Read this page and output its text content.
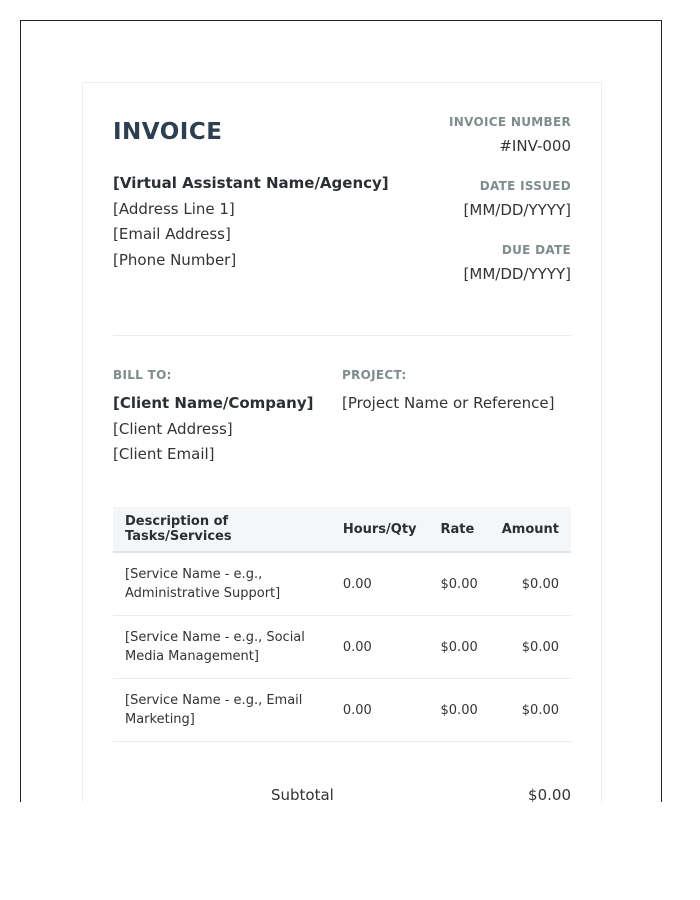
INVOICE
[Virtual Assistant Name/Agency]
[Address Line 1]
[Email Address]
[Phone Number]
INVOICE NUMBER
#INV-000
DATE ISSUED
[MM/DD/YYYY]
DUE DATE
[MM/DD/YYYY]
BILL TO:
[Client Name/Company]
[Client Address]
[Client Email]
PROJECT:
[Project Name or Reference]
Description of Tasks/Services	Hours/Qty	Rate	Amount
[Service Name - e.g., Administrative Support]	0.00	$0.00	$0.00
[Service Name - e.g., Social Media Management]	0.00	$0.00	$0.00
[Service Name - e.g., Email Marketing]	0.00	$0.00	$0.00
Subtotal	$0.00
